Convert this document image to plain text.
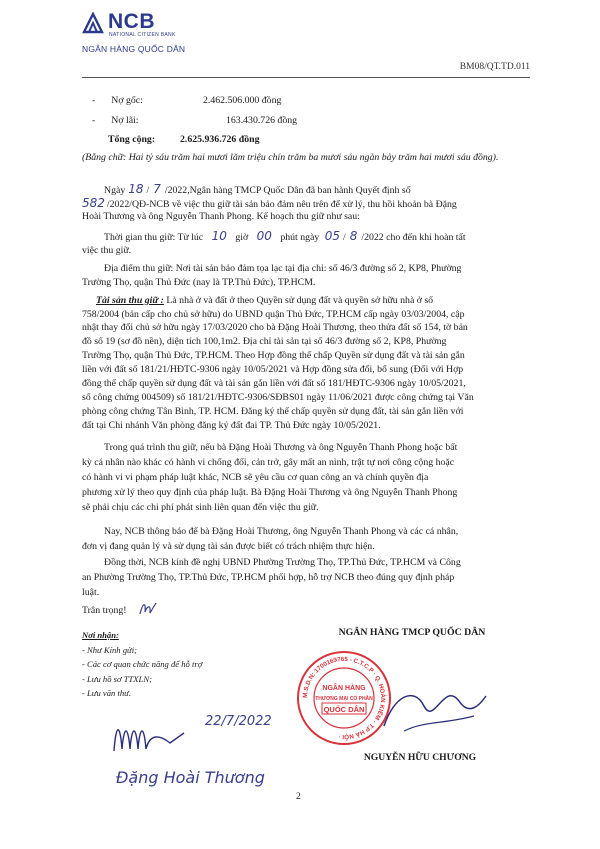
NCB
NATIONAL CITIZEN BANK
NGÂN HÀNG QUỐC DÂN
BM08/QT.TD.011
- Nợ gốc:	2.462.506.000 đồng
- Nợ lãi:	163.430.726 đồng
Tổng cộng:	2.625.936.726 đồng
(Bằng chữ: Hai tỷ sáu trăm hai mươi lăm triệu chín trăm ba mươi sáu ngàn bảy trăm hai mươi sáu đồng).
Ngày 18 / 7 /2022,Ngân hàng TMCP Quốc Dân đã ban hành Quyết định số
582 /2022/QĐ-NCB về việc thu giữ tài sản bảo đảm nêu trên để xử lý, thu hồi khoản bà Đặng
Hoài Thương và ông Nguyễn Thanh Phong. Kế hoạch thu giữ như sau:
Thời gian thu giữ: Từ lúc 10 giờ 00 phút ngày 05 / 8 /2022 cho đến khi hoàn tất
việc thu giữ.
Địa điểm thu giữ: Nơi tài sản bảo đảm tọa lạc tại địa chỉ: số 46/3 đường số 2, KP8, Phường
Trường Thọ, quận Thủ Đức (nay là TP.Thủ Đức), TP.HCM.
Tài sản thu giữ : Là nhà ở và đất ở theo Quyền sử dụng đất và quyền sở hữu nhà ở số
758/2004 (bản cấp cho chủ sở hữu) do UBND quận Thủ Đức, TP.HCM cấp ngày 03/03/2004, cập
nhật thay đổi chủ sở hữu ngày 17/03/2020 cho bà Đặng Hoài Thương, theo thửa đất số 154, tờ bản
đồ số 19 (sơ đồ nền), diện tích 100,1m2. Địa chỉ tài sản tại số 46/3 đường số 2, KP8, Phường
Trường Thọ, quận Thủ Đức, TP.HCM. Theo Hợp đồng thế chấp Quyền sử dụng đất và tài sản gắn
liền với đất số 181/21/HĐTC-9306 ngày 10/05/2021 và Hợp đồng sửa đổi, bổ sung (Đối với Hợp
đồng thế chấp quyền sử dụng đất và tài sản gắn liền với đất số 181/HĐTC-9306 ngày 10/05/2021,
số công chứng 004509) số 181/21/HĐTC-9306/SĐBS01 ngày 11/06/2021 được công chứng tại Văn
phòng công chứng Tân Bình, TP. HCM. Đăng ký thế chấp quyền sử dụng đất, tài sản gắn liền với
đất tại Chi nhánh Văn phòng đăng ký đất đai TP. Thủ Đức ngày 10/05/2021.
Trong quá trình thu giữ, nếu bà Đặng Hoài Thương và ông Nguyễn Thanh Phong hoặc bất
kỳ cá nhân nào khác có hành vi chống đối, cản trở, gây mất an ninh, trật tự nơi công cộng hoặc
có hành vi vi phạm pháp luật khác, NCB sẽ yêu cầu cơ quan công an và chính quyền địa
phương xử lý theo quy định của pháp luật. Bà Đặng Hoài Thương và ông Nguyễn Thanh Phong
sẽ phải chịu các chi phí phát sinh liên quan đến việc thu giữ.
Nay, NCB thông báo để bà Đặng Hoài Thương, ông Nguyễn Thanh Phong và các cá nhân,
đơn vị đang quản lý và sử dụng tài sản được biết có trách nhiệm thực hiện.
Đồng thời, NCB kính đề nghị UBND Phường Trường Thọ, TP.Thủ Đức, TP.HCM và Công
an Phường Trường Thọ, TP.Thủ Đức, TP.HCM phối hợp, hỗ trợ NCB theo đúng quy định pháp
luật.
Trân trọng!
NGÂN HÀNG TMCP QUỐC DÂN
Nơi nhận:
- Như Kính gửi;
- Các cơ quan chức năng để hỗ trợ
- Lưu hồ sơ TTXLN;
- Lưu văn thư.	M.S.D.N: 1700169765 - C.T.C.P · Q. HOÀN KIẾM - T.P HÀ NỘI ·
NGÂN HÀNG
THƯƠNG MẠI CỔ PHẦN
QUỐC DÂN
NGUYỄN HỮU CHƯƠNG
22/7/2022
Đặng Hoài Thương
2
